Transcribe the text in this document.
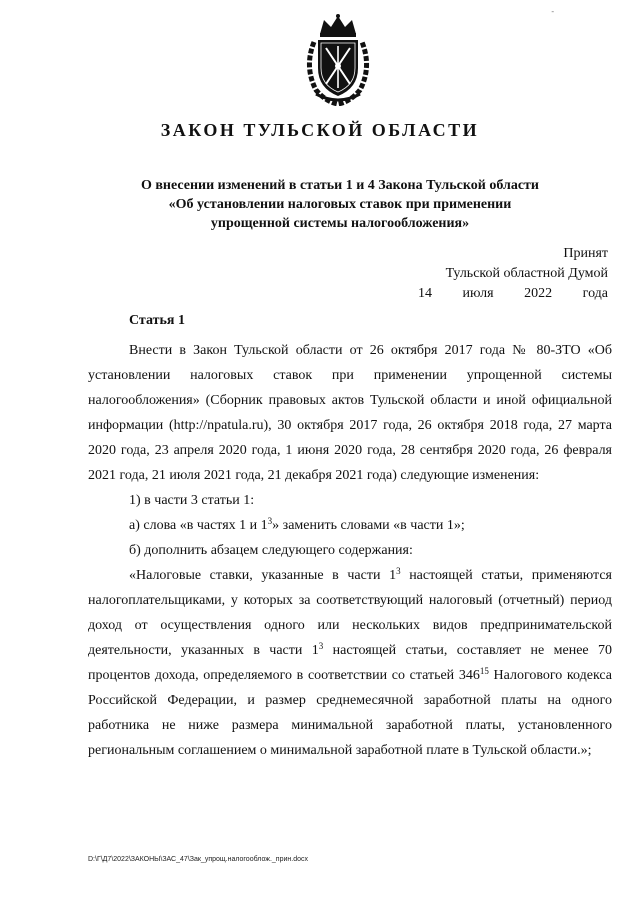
-
ЗАКОН ТУЛЬСКОЙ ОБЛАСТИ
О внесении изменений в статьи 1 и 4 Закона Тульской области
«Об установлении налоговых ставок при применении
упрощенной системы налогообложения»
Принят
Тульской областной Думой
14 июля 2022 года
Статья 1

Внести в Закон Тульской области от 26 октября 2017 года № 80-ЗТО «Об установлении налоговых ставок при применении упрощенной системы налогообложения» (Сборник правовых актов Тульской области и иной официальной информации (http://npatula.ru), 30 октября 2017 года, 26 октября 2018 года, 27 марта 2020 года, 23 апреля 2020 года, 1 июня 2020 года, 28 сентября 2020 года, 26 февраля 2021 года, 21 июля 2021 года, 21 декабря 2021 года) следующие изменения:

1) в части 3 статьи 1:

а) слова «в частях 1 и $1^3$» заменить словами «в части 1»;

б) дополнить абзацем следующего содержания:

«Налоговые ставки, указанные в части $1^3$ настоящей статьи, применяются налогоплательщиками, у которых за соответствующий налоговый (отчетный) период доход от осуществления одного или нескольких видов предпринимательской деятельности, указанных в части $1^3$ настоящей статьи, составляет не менее 70 процентов дохода, определяемого в соответствии со статьей $346^{15}$ Налогового кодекса Российской Федерации, и размер среднемесячной заработной платы на одного работника не ниже размера минимальной заработной платы, установленного региональным соглашением о минимальной заработной плате в Тульской области.»;

D:\Г\Д7\2022\ЗАКОНЫ\ЗАС_47\Зак_упрощ.налогооблож._прин.docx
